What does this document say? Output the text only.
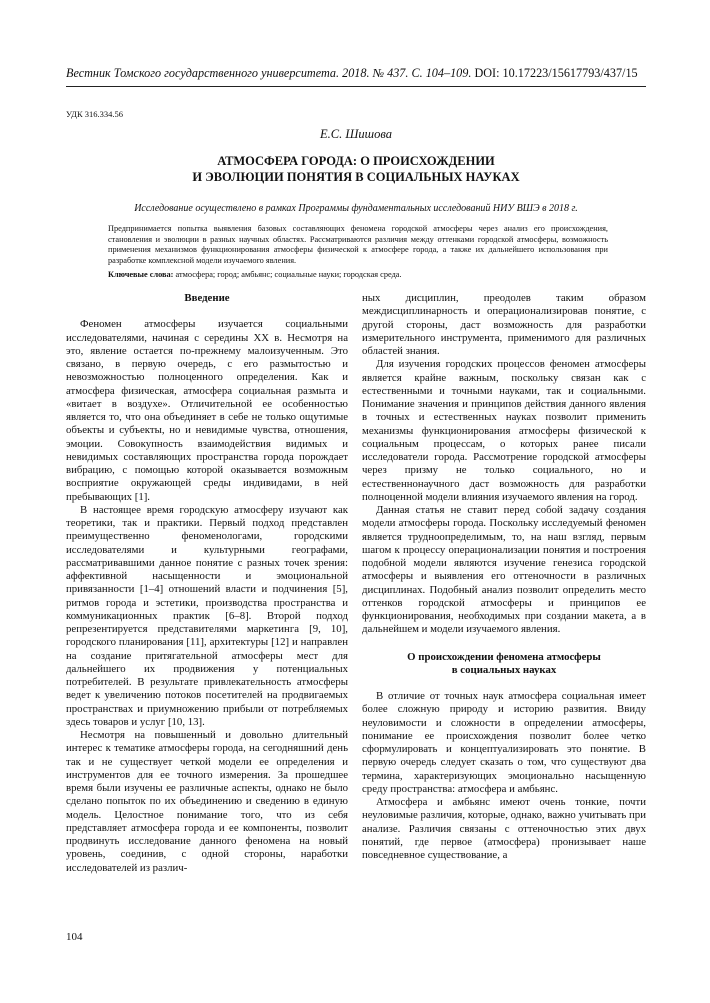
Вестник Томского государственного университета. 2018. № 437. С. 104–109. DOI: 10.17223/15617793/437/15
УДК 316.334.56
Е.С. Шишова
АТМОСФЕРА ГОРОДА: О ПРОИСХОЖДЕНИИ
И ЭВОЛЮЦИИ ПОНЯТИЯ В СОЦИАЛЬНЫХ НАУКАХ
Исследование осуществлено в рамках Программы фундаментальных исследований НИУ ВШЭ в 2018 г.
Предпринимается попытка выявления базовых составляющих феномена городской атмосферы через анализ его происхождения, становления и эволюции в разных научных областях. Рассматриваются различия между оттенками городской атмосферы, возможность применения механизмов функционирования атмосферы физической к атмосфере города, а также их дальнейшего использования при разработке комплексной модели изучаемого явления.
Ключевые слова: атмосфера; город; амбьянс; социальные науки; городская среда.

Введение

Феномен атмосферы изучается социальными исследователями, начиная с середины XX в. Несмотря на это, явление остается по-прежнему малоизученным. Это связано, в первую очередь, с его размытостью и невозможностью полноценного определения. Как и атмосфера физическая, атмосфера социальная размыта и «витает в воздухе». Отличительной ее особенностью является то, что она объединяет в себе не только ощутимые объекты и субъекты, но и невидимые чувства, отношения, эмоции. Совокупность взаимодействия видимых и невидимых составляющих пространства города порождает вибрацию, с помощью которой оказывается возможным восприятие окружающей среды индивидами, в ней пребывающих [1].

В настоящее время городскую атмосферу изучают как теоретики, так и практики. Первый подход представлен преимущественно феноменологами, городскими исследователями и культурными географами, рассматривавшими данное понятие с разных точек зрения: аффективной насыщенности и эмоциональной привязанности [1–4] отношений власти и подчинения [5], ритмов города и эстетики, производства пространства и коммуникационных практик [6–8]. Второй подход репрезентируется представителями маркетинга [9, 10], городского планирования [11], архитектуры [12] и направлен на создание притягательной атмосферы мест для дальнейшего их продвижения у потенциальных потребителей. В результате привлекательность атмосферы ведет к увеличению потоков посетителей на продвигаемых пространствах и приумножению прибыли от потребляемых здесь товаров и услуг [10, 13].

Несмотря на повышенный и довольно длительный интерес к тематике атмосферы города, на сегодняшний день так и не существует четкой модели ее определения и инструментов для ее точного измерения. За прошедшее время были изучены ее различные аспекты, однако не было сделано попыток по их объединению и сведению в единую модель. Целостное понимание того, что из себя представляет атмосфера города и ее компоненты, позволит продвинуть исследование данного феномена на новый уровень, соединив, с одной стороны, наработки исследователей из различ-

ных дисциплин, преодолев таким образом междисциплинарность и операционализировав понятие, с другой стороны, даст возможность для разработки измерительного инструмента, применимого для различных областей знания.

Для изучения городских процессов феномен атмосферы является крайне важным, поскольку связан как с естественными и точными науками, так и социальными. Понимание значения и принципов действия данного явления в точных и естественных науках позволит применить механизмы функционирования атмосферы физической к социальным процессам, о которых ранее писали исследователи города. Рассмотрение городской атмосферы через призму не только социального, но и естественнонаучного даст возможность для разработки полноценной модели влияния изучаемого явления на город.

Данная статья не ставит перед собой задачу создания модели атмосферы города. Поскольку исследуемый феномен является трудноопределимым, то, на наш взгляд, первым шагом к процессу операционализации понятия и построения подобной модели являются изучение генезиса городской атмосферы и выявления его оттеночности в различных дисциплинах. Подобный анализ позволит определить место оттенков городской атмосферы и принципов ее функционирования, необходимых при создании макета, а в дальнейшем и модели изучаемого явления.

О происхождении феномена атмосферы
в социальных науках

В отличие от точных наук атмосфера социальная имеет более сложную природу и историю развития. Ввиду неуловимости и сложности в определении атмосферы, понимание ее происхождения позволит более четко сформулировать и концептуализировать это понятие. В первую очередь следует сказать о том, что существуют два термина, характеризующих эмоционально насыщенную среду пространства: атмосфера и амбьянс.

Атмосфера и амбьянс имеют очень тонкие, почти неуловимые различия, которые, однако, важно учитывать при анализе. Различия связаны с оттеночностью этих двух понятий, где первое (атмосфера) пронизывает наше повседневное существование, а

104
